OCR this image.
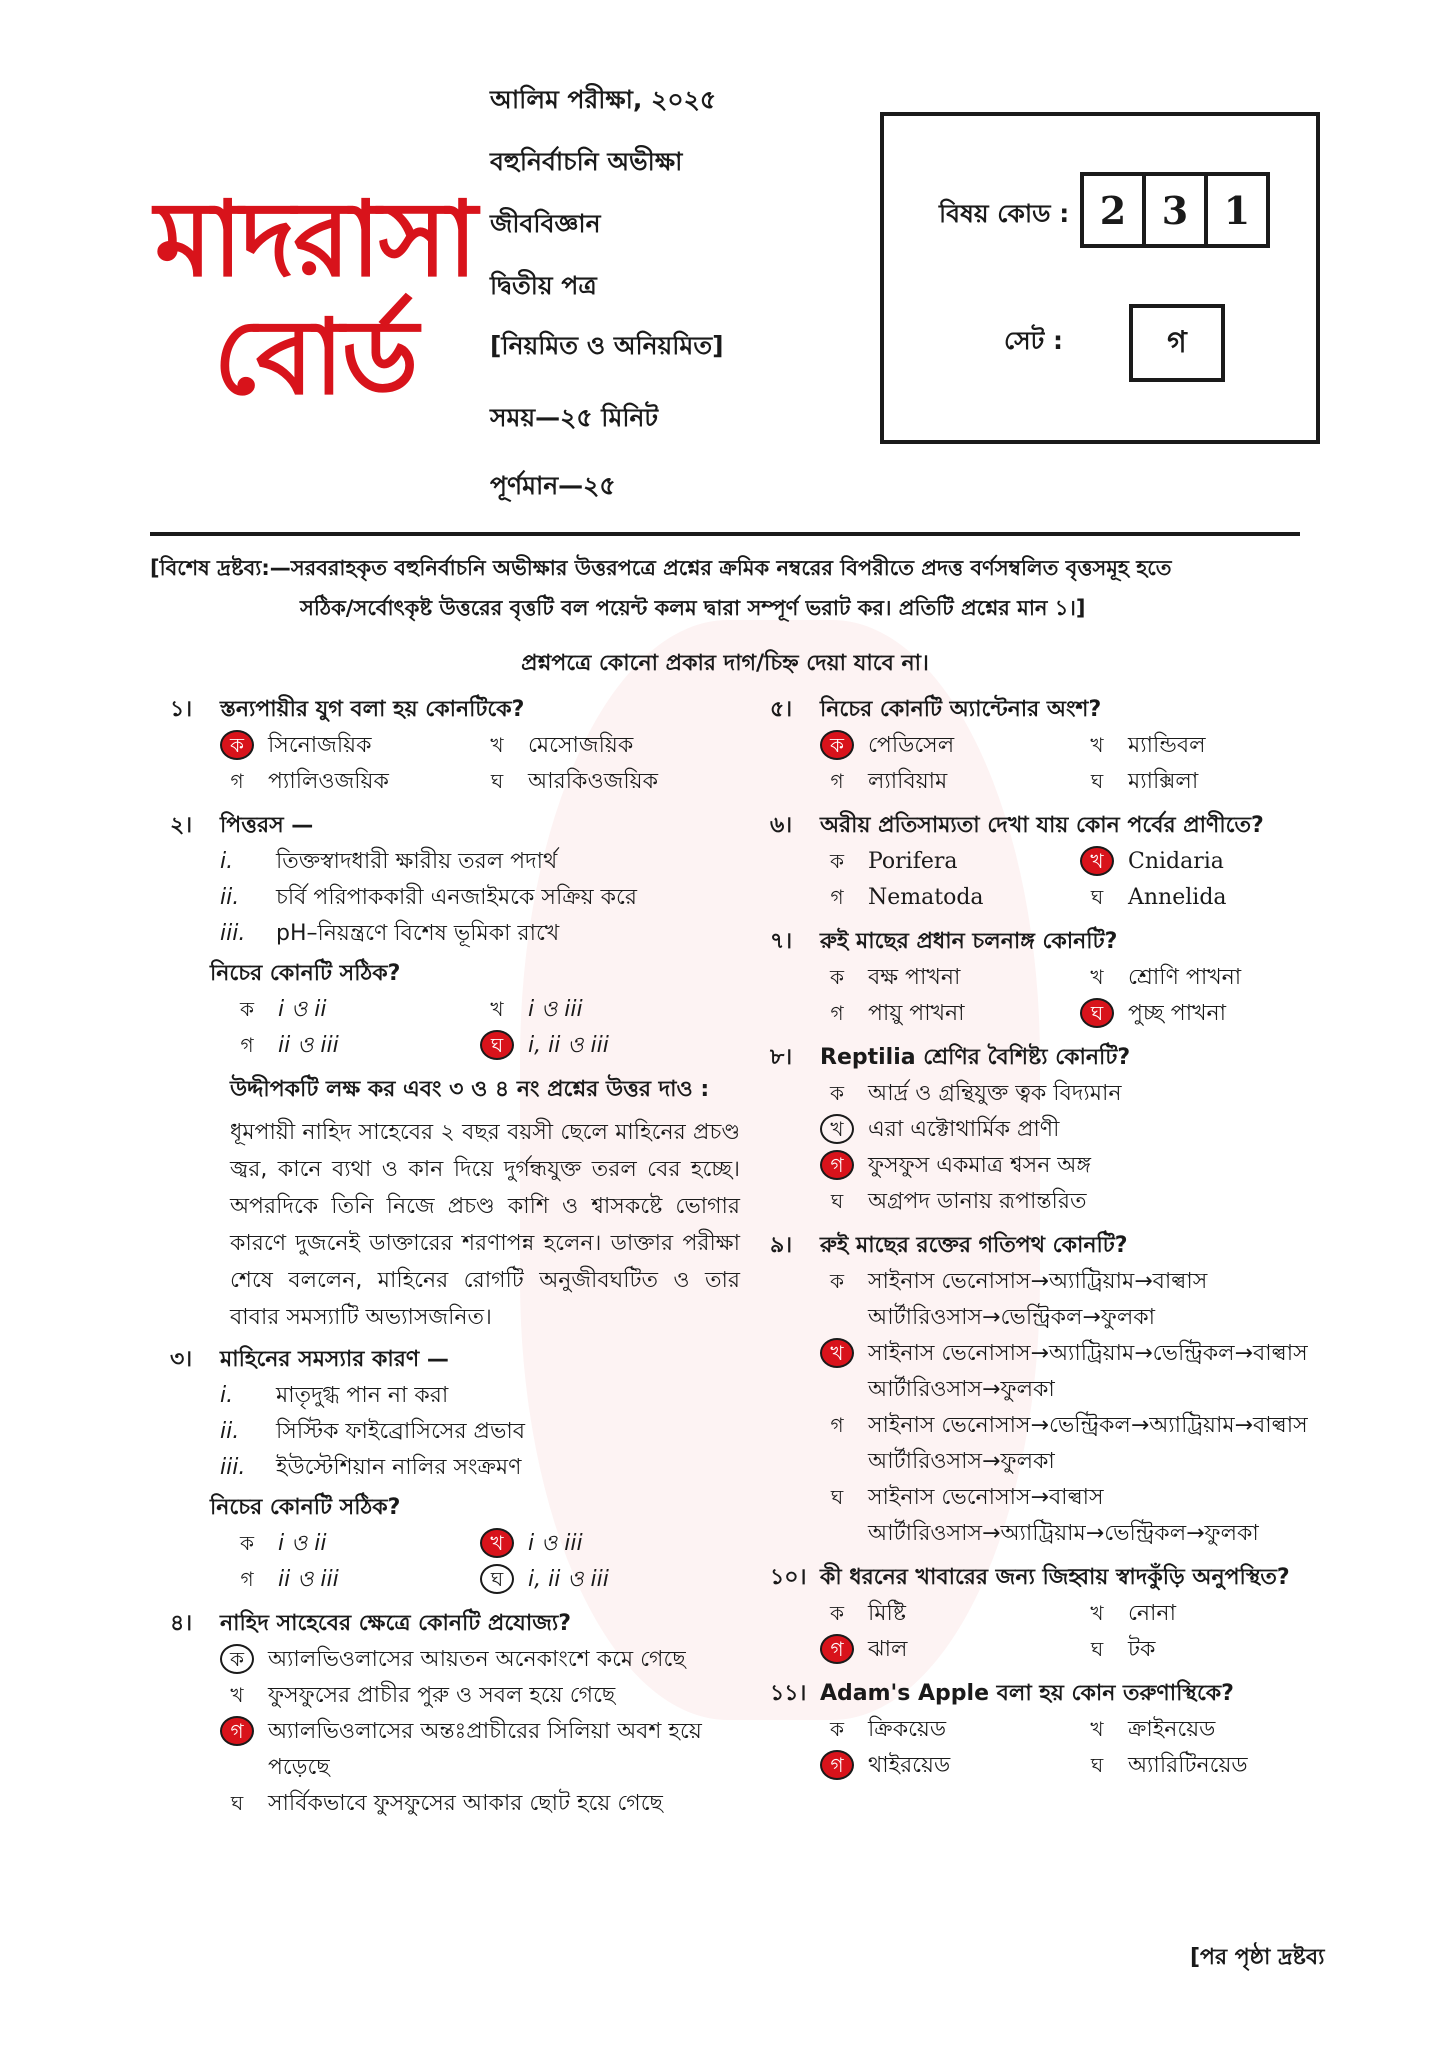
মাদরাসা
বোর্ড
আলিম পরীক্ষা, ২০২৫
বহুনির্বাচনি অভীক্ষা
জীববিজ্ঞান
দ্বিতীয় পত্র
[নিয়মিত ও অনিয়মিত]
সময়—২৫ মিনিট
পূর্ণমান—২৫
বিষয় কোড : 2 3 1
সেট :	গ
[বিশেষ দ্রষ্টব্য:—সরবরাহকৃত বহুনির্বাচনি অভীক্ষার উত্তরপত্রে প্রশ্নের ক্রমিক নম্বরের বিপরীতে প্রদত্ত বর্ণসম্বলিত বৃত্তসমূহ হতে
সঠিক/সর্বোৎকৃষ্ট উত্তরের বৃত্তটি বল পয়েন্ট কলম দ্বারা সম্পূর্ণ ভরাট কর। প্রতিটি প্রশ্নের মান ১।]
প্রশ্নপত্রে কোনো প্রকার দাগ/চিহ্ন দেয়া যাবে না।
১।	স্তন্যপায়ীর যুগ বলা হয় কোনটিকে?
ক	সিনোজয়িক	খ	মেসোজয়িক
গ	প্যালিওজয়িক	ঘ	আরকিওজয়িক
২।	পিত্তরস —
i.	তিক্তস্বাদধারী ক্ষারীয় তরল পদার্থ
ii.	চর্বি পরিপাককারী এনজাইমকে সক্রিয় করে
iii.	pH–নিয়ন্ত্রণে বিশেষ ভূমিকা রাখে
নিচের কোনটি সঠিক?
ক	i ও ii	খ	i ও iii
গ	ii ও iii	ঘ	i, ii ও iii
উদ্দীপকটি লক্ষ কর এবং ৩ ও ৪ নং প্রশ্নের উত্তর দাও :
ধূমপায়ী নাহিদ সাহেবের ২ বছর বয়সী ছেলে মাহিনের প্রচণ্ড জ্বর, কানে ব্যথা ও কান দিয়ে দুর্গন্ধযুক্ত তরল বের হচ্ছে। অপরদিকে তিনি নিজে প্রচণ্ড কাশি ও শ্বাসকষ্টে ভোগার কারণে দুজনেই ডাক্তারের শরণাপন্ন হলেন। ডাক্তার পরীক্ষা শেষে বললেন, মাহিনের রোগটি অনুজীবঘটিত ও তার বাবার সমস্যাটি অভ্যাসজনিত।
৩।	মাহিনের সমস্যার কারণ —
i.	মাতৃদুগ্ধ পান না করা
ii.	সিস্টিক ফাইব্রোসিসের প্রভাব
iii.	ইউস্টেশিয়ান নালির সংক্রমণ
নিচের কোনটি সঠিক?
ক	i ও ii	খ	i ও iii
গ	ii ও iii	ঘ	i, ii ও iii
৪।	নাহিদ সাহেবের ক্ষেত্রে কোনটি প্রযোজ্য?
ক	অ্যালভিওলাসের আয়তন অনেকাংশে কমে গেছে
খ	ফুসফুসের প্রাচীর পুরু ও সবল হয়ে গেছে
গ	অ্যালভিওলাসের অন্তঃপ্রাচীরের সিলিয়া অবশ হয়ে পড়েছে
ঘ	সার্বিকভাবে ফুসফুসের আকার ছোট হয়ে গেছে
৫।	নিচের কোনটি অ্যান্টেনার অংশ?
ক	পেডিসেল	খ	ম্যান্ডিবল
গ	ল্যাবিয়াম	ঘ	ম্যাক্সিলা
৬।	অরীয় প্রতিসাম্যতা দেখা যায় কোন পর্বের প্রাণীতে?
ক	Porifera	খ	Cnidaria
গ	Nematoda	ঘ	Annelida
৭।	রুই মাছের প্রধান চলনাঙ্গ কোনটি?
ক	বক্ষ পাখনা	খ	শ্রোণি পাখনা
গ	পায়ু পাখনা	ঘ	পুচ্ছ পাখনা
৮।	Reptilia শ্রেণির বৈশিষ্ট্য কোনটি?
ক	আর্দ্র ও গ্রন্থিযুক্ত ত্বক বিদ্যমান
খ	এরা এক্টোথার্মিক প্রাণী
গ	ফুসফুস একমাত্র শ্বসন অঙ্গ
ঘ	অগ্রপদ ডানায় রূপান্তরিত
৯।	রুই মাছের রক্তের গতিপথ কোনটি?
ক	সাইনাস ভেনোসাস→অ্যাট্রিয়াম→বাল্বাস আর্টারিওসাস→ভেন্ট্রিকল→ফুলকা
খ	সাইনাস ভেনোসাস→অ্যাট্রিয়াম→ভেন্ট্রিকল→বাল্বাস আর্টারিওসাস→ফুলকা
গ	সাইনাস ভেনোসাস→ভেন্ট্রিকল→অ্যাট্রিয়াম→বাল্বাস আর্টারিওসাস→ফুলকা
ঘ	সাইনাস ভেনোসাস→বাল্বাস আর্টারিওসাস→অ্যাট্রিয়াম→ভেন্ট্রিকল→ফুলকা
১০। কী ধরনের খাবারের জন্য জিহ্বায় স্বাদকুঁড়ি অনুপস্থিত?
ক	মিষ্টি	খ	নোনা
গ	ঝাল	ঘ	টক
১১। Adam's Apple বলা হয় কোন তরুণাস্থিকে?
ক	ক্রিকয়েড	খ	ক্রাইনয়েড
গ	থাইরয়েড	ঘ	অ্যারিটিনয়েড
[পর পৃষ্ঠা দ্রষ্টব্য
